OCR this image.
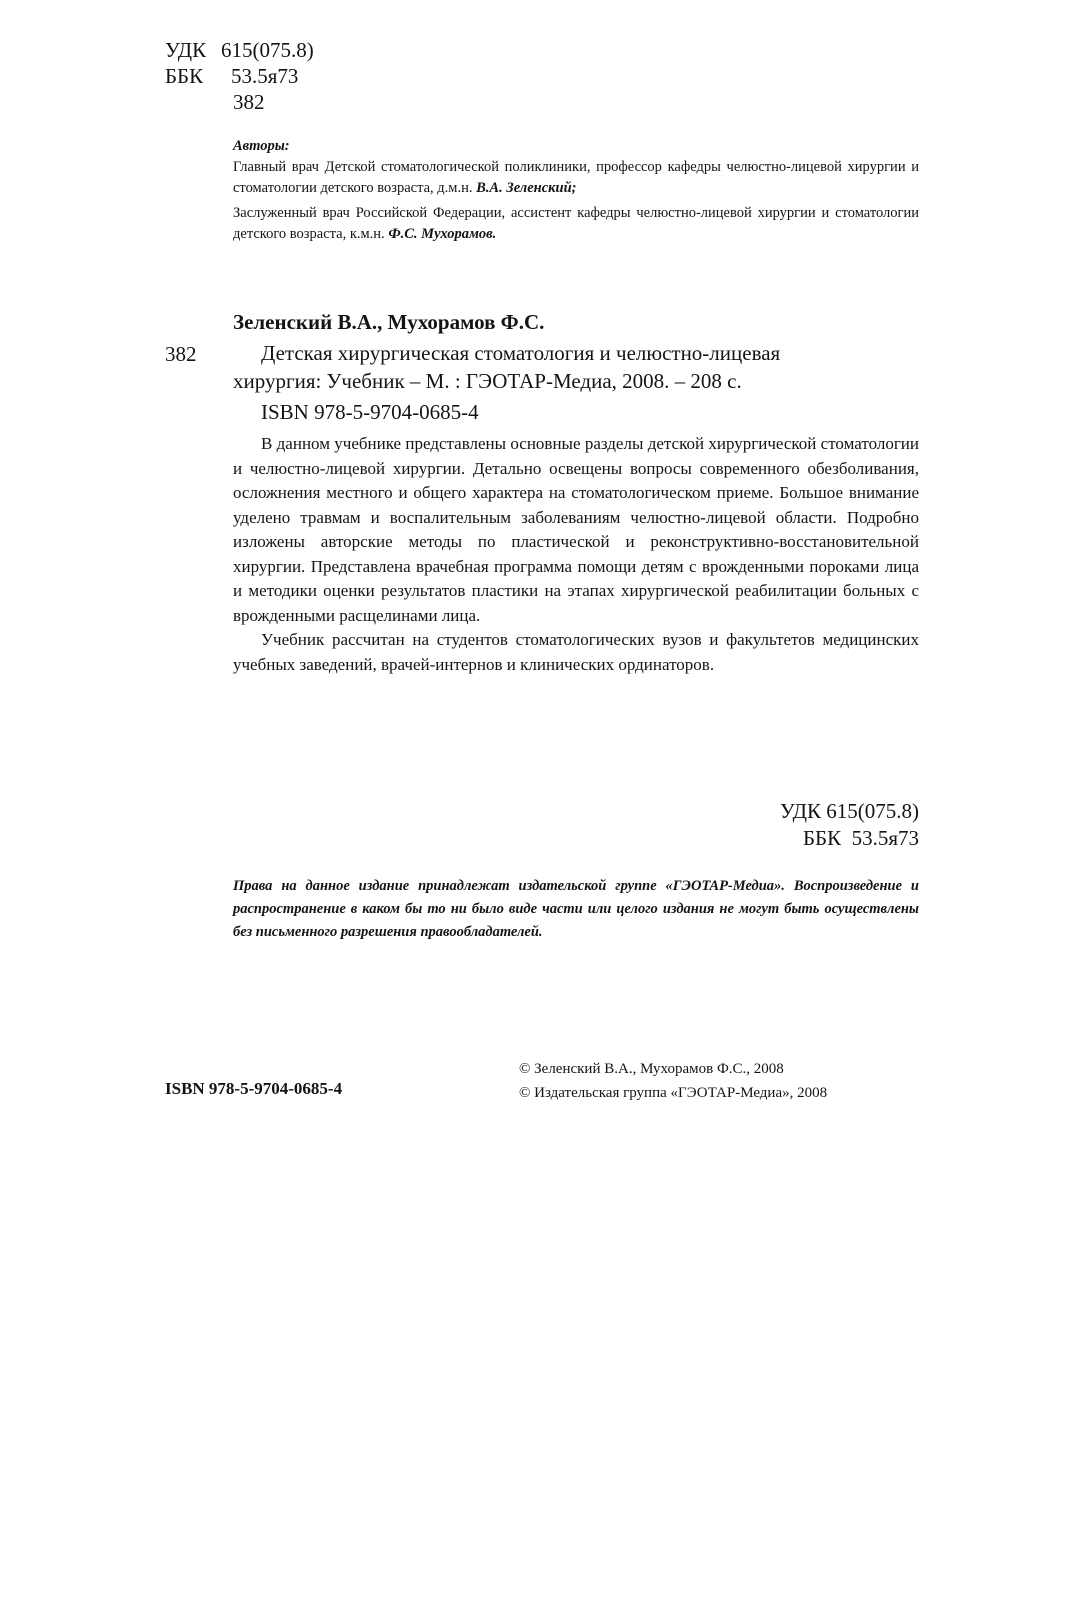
УДК 615(075.8)
ББК 53.5я73
382
Авторы:
Главный врач Детской стоматологической поликлиники, профессор кафедры челюстно-лицевой хирургии и стоматологии детского возраста, д.м.н. В.А. Зеленский;
Заслуженный врач Российской Федерации, ассистент кафедры челюстно-лицевой хирургии и стоматологии детского возраста, к.м.н. Ф.С. Мухорамов.
Зеленский В.А., Мухорамов Ф.С.
382	Детская хирургическая стоматология и челюстно-лицевая хирургия: Учебник – М. : ГЭОТАР-Медиа, 2008. – 208 с.
ISBN 978-5-9704-0685-4

В данном учебнике представлены основные разделы детской хирургической стоматологии и челюстно-лицевой хирургии. Детально освещены вопросы современного обезболивания, осложнения местного и общего характера на стоматологическом приеме. Большое внимание уделено травмам и воспалительным заболеваниям челюстно-лицевой области. Подробно изложены авторские методы по пластической и реконструктивно-восстановительной хирургии. Представлена врачебная программа помощи детям с врожденными пороками лица и методики оценки результатов пластики на этапах хирургической реабилитации больных с врожденными расщелинами лица.

Учебник рассчитан на студентов стоматологических вузов и факультетов медицинских учебных заведений, врачей-интернов и клинических ординаторов.

УДК 615(075.8)
ББК  53.5я73
Права на данное издание принадлежат издательской группе «ГЭОТАР-Медиа». Воспроизведение и распространение в каком бы то ни было виде части или целого издания не могут быть осуществлены без письменного разрешения правообладателей.
ISBN 978-5-9704-0685-4
© Зеленский В.А., Мухорамов Ф.С., 2008
© Издательская группа «ГЭОТАР-Медиа», 2008
